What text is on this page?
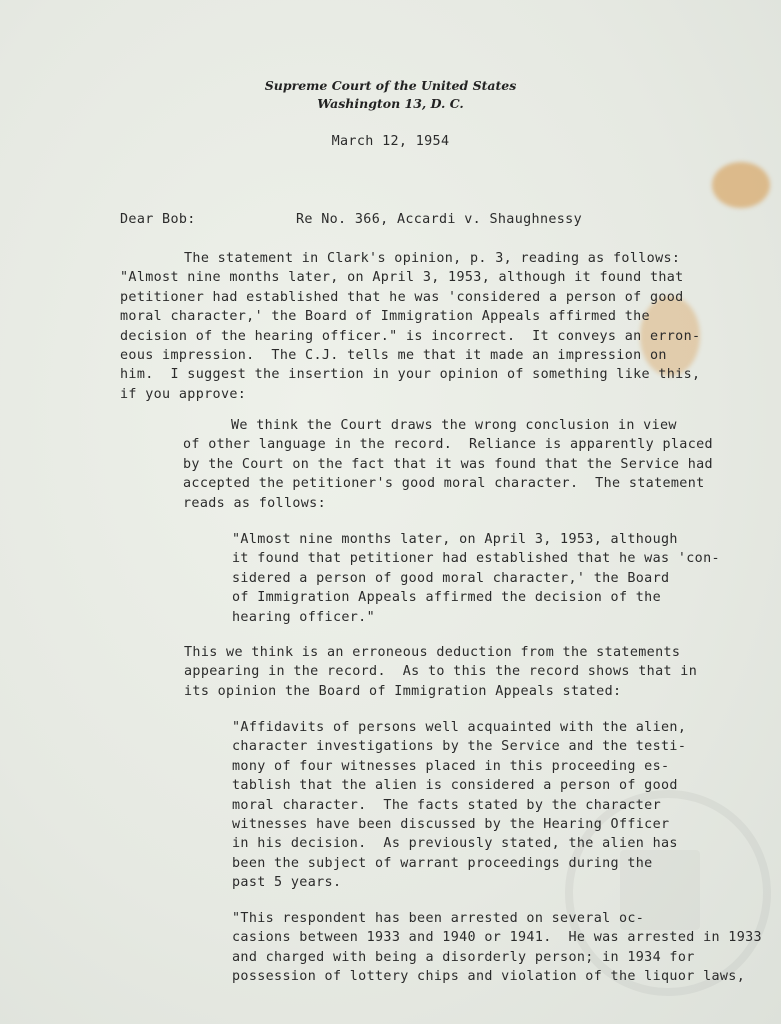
Supreme Court of the United States
Washington 13, D. C.
March 12, 1954
Dear Bob:	Re No. 366, Accardi v. Shaughnessy
The statement in Clark's opinion, p. 3, reading as follows:
"Almost nine months later, on April 3, 1953, although it found that
petitioner had established that he was 'considered a person of good
moral character,' the Board of Immigration Appeals affirmed the
decision of the hearing officer." is incorrect.  It conveys an erron-
eous impression.  The C.J. tells me that it made an impression on
him.  I suggest the insertion in your opinion of something like this,
if you approve:
We think the Court draws the wrong conclusion in view
of other language in the record.  Reliance is apparently placed
by the Court on the fact that it was found that the Service had
accepted the petitioner's good moral character.  The statement
reads as follows:
"Almost nine months later, on April 3, 1953, although
it found that petitioner had established that he was 'con-
sidered a person of good moral character,' the Board
of Immigration Appeals affirmed the decision of the
hearing officer."
This we think is an erroneous deduction from the statements
appearing in the record.  As to this the record shows that in
its opinion the Board of Immigration Appeals stated:
"Affidavits of persons well acquainted with the alien,
character investigations by the Service and the testi-
mony of four witnesses placed in this proceeding es-
tablish that the alien is considered a person of good
moral character.  The facts stated by the character
witnesses have been discussed by the Hearing Officer
in his decision.  As previously stated, the alien has
been the subject of warrant proceedings during the
past 5 years.
"This respondent has been arrested on several oc-
casions between 1933 and 1940 or 1941.  He was arrested in 1933
and charged with being a disorderly person; in 1934 for
possession of lottery chips and violation of the liquor laws,
